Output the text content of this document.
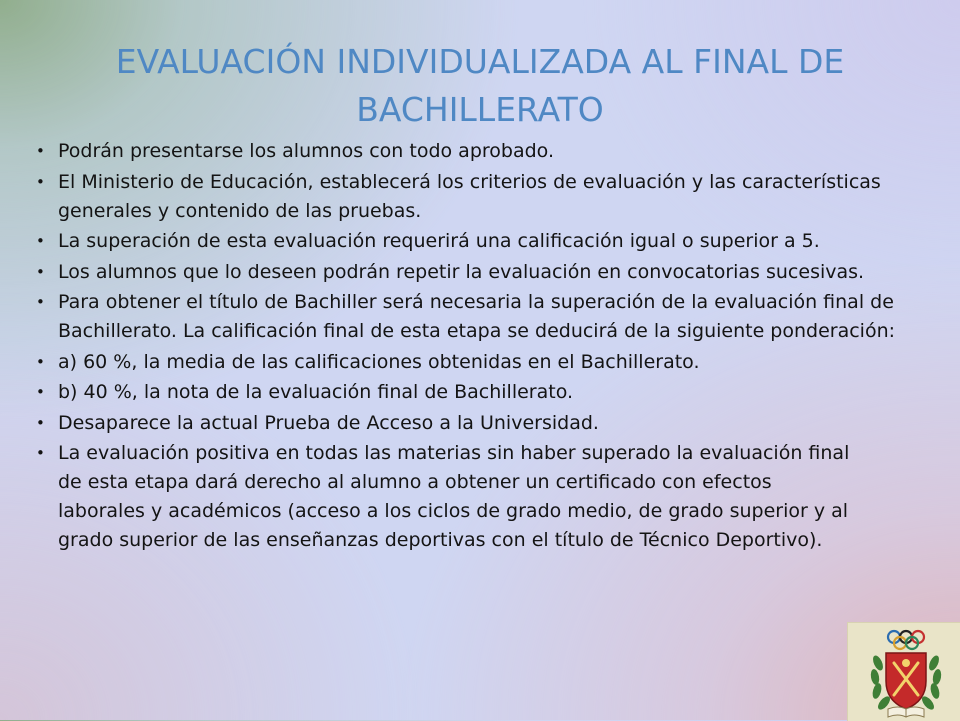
EVALUACIÓN INDIVIDUALIZADA AL FINAL DE BACHILLERATO
• Podrán presentarse los alumnos con todo aprobado.
• El Ministerio de Educación, establecerá los criterios de evaluación y las características generales y contenido de las pruebas.
• La superación de esta evaluación requerirá una calificación igual o superior a 5.
• Los alumnos que lo deseen podrán repetir la evaluación en convocatorias sucesivas.
• Para obtener el título de Bachiller será necesaria la superación de la evaluación final de Bachillerato. La calificación final de esta etapa se deducirá de la siguiente ponderación:
• a) 60 %, la media de las calificaciones obtenidas en el Bachillerato.
• b) 40 %, la nota de la evaluación final de Bachillerato.
• Desaparece la actual Prueba de Acceso a la Universidad.
• La evaluación positiva en todas las materias sin haber superado la evaluación final de esta etapa dará derecho al alumno a obtener un certificado con efectos laborales y académicos (acceso a los ciclos de grado medio, de grado superior y al grado superior de las enseñanzas deportivas con el título de Técnico Deportivo).
